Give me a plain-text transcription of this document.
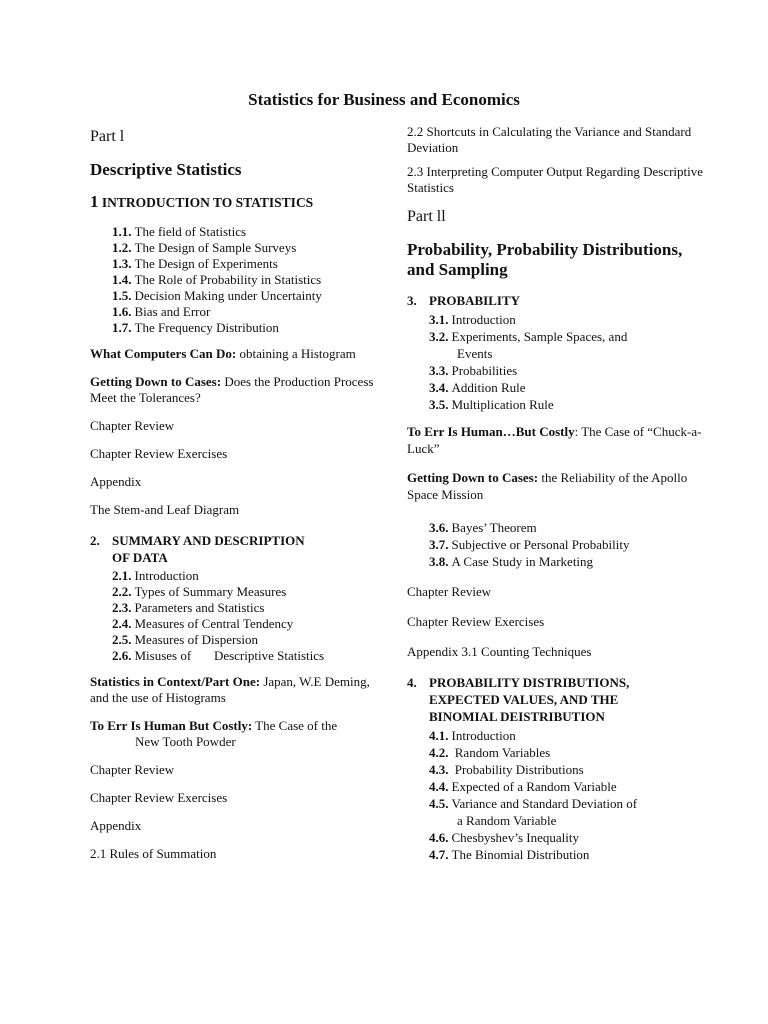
Statistics for Business and Economics
Part l
Descriptive Statistics
1 INTRODUCTION TO STATISTICS
1.1. The field of Statistics
1.2. The Design of Sample Surveys
1.3. The Design of Experiments
1.4. The Role of Probability in Statistics
1.5. Decision Making under Uncertainty
1.6. Bias and Error
1.7. The Frequency Distribution

What Computers Can Do: obtaining a Histogram

Getting Down to Cases: Does the Production Process Meet the Tolerances?

Chapter Review

Chapter Review Exercises

Appendix

The Stem-and Leaf Diagram

2. SUMMARY AND DESCRIPTION
OF DATA
2.1. Introduction
2.2. Types of Summary Measures
2.3. Parameters and Statistics
2.4. Measures of Central Tendency
2.5. Measures of Dispersion
2.6. Misuses of       Descriptive Statistics

Statistics in Context/Part One: Japan, W.E Deming, and the use of Histograms

To Err Is Human But Costly: The Case of the
New Tooth Powder

Chapter Review

Chapter Review Exercises

Appendix

2.1 Rules of Summation

2.2 Shortcuts in Calculating the Variance and Standard Deviation

2.3 Interpreting Computer Output Regarding Descriptive Statistics

Part ll
Probability, Probability Distributions, and Sampling
3. PROBABILITY
3.1. Introduction
3.2. Experiments, Sample Spaces, and
Events
3.3. Probabilities
3.4. Addition Rule
3.5. Multiplication Rule

To Err Is Human…But Costly: The Case of “Chuck-a-Luck”

Getting Down to Cases: the Reliability of the Apollo Space Mission

3.6. Bayes’ Theorem
3.7. Subjective or Personal Probability
3.8. A Case Study in Marketing

Chapter Review

Chapter Review Exercises

Appendix 3.1 Counting Techniques

4. PROBABILITY DISTRIBUTIONS,
EXPECTED VALUES, AND THE
BINOMIAL DEISTRIBUTION
4.1. Introduction
4.2. Random Variables
4.3. Probability Distributions
4.4. Expected of a Random Variable
4.5. Variance and Standard Deviation of
a Random Variable
4.6. Chesbyshev’s Inequality
4.7. The Binomial Distribution
